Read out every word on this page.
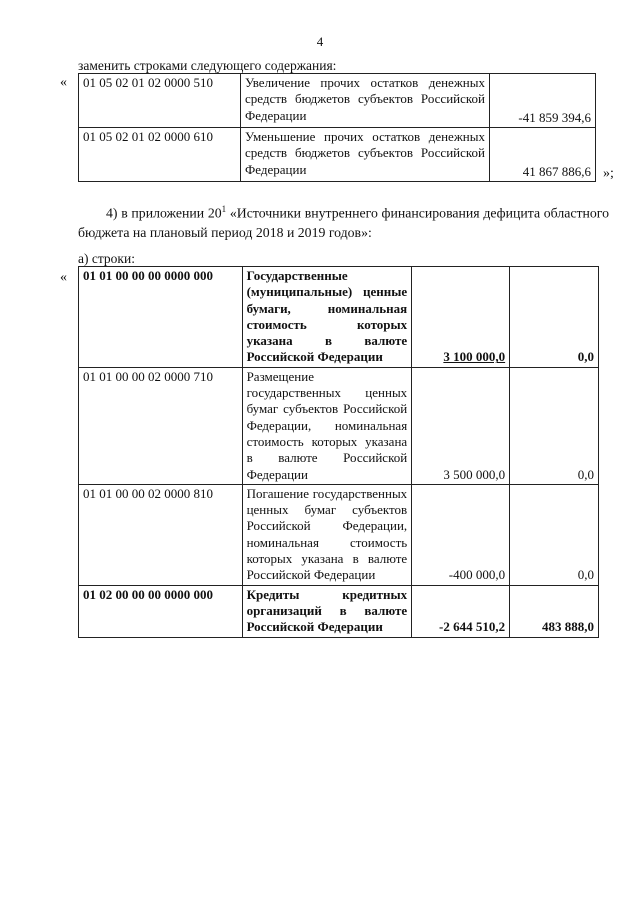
4
заменить строками следующего содержания:
« 01 05 02 01 02 0000 510	Увеличение прочих остатков денежных средств бюджетов субъектов Российской Федерации	-41 859 394,6
01 05 02 01 02 0000 610	Уменьшение прочих остатков денежных средств бюджетов субъектов Российской Федерации	41 867 886,6 »;
4) в приложении $20^1$ «Источники внутреннего финансирования дефицита областного бюджета на плановый период 2018 и 2019 годов»:
а) строки:
« 01 01 00 00 00 0000 000	Государственные (муниципальные) ценные бумаги, номинальная стоимость которых указана в валюте Российской Федерации	3 100 000,0	0,0
01 01 00 00 02 0000 710	Размещение государственных ценных бумаг субъектов Российской Федерации, номинальная стоимость которых указана в валюте Российской Федерации	3 500 000,0	0,0
01 01 00 00 02 0000 810	Погашение государственных ценных бумаг субъектов Российской Федерации, номинальная стоимость которых указана в валюте Российской Федерации	-400 000,0	0,0
01 02 00 00 00 0000 000	Кредиты кредитных организаций в валюте Российской Федерации	-2 644 510,2	483 888,0
